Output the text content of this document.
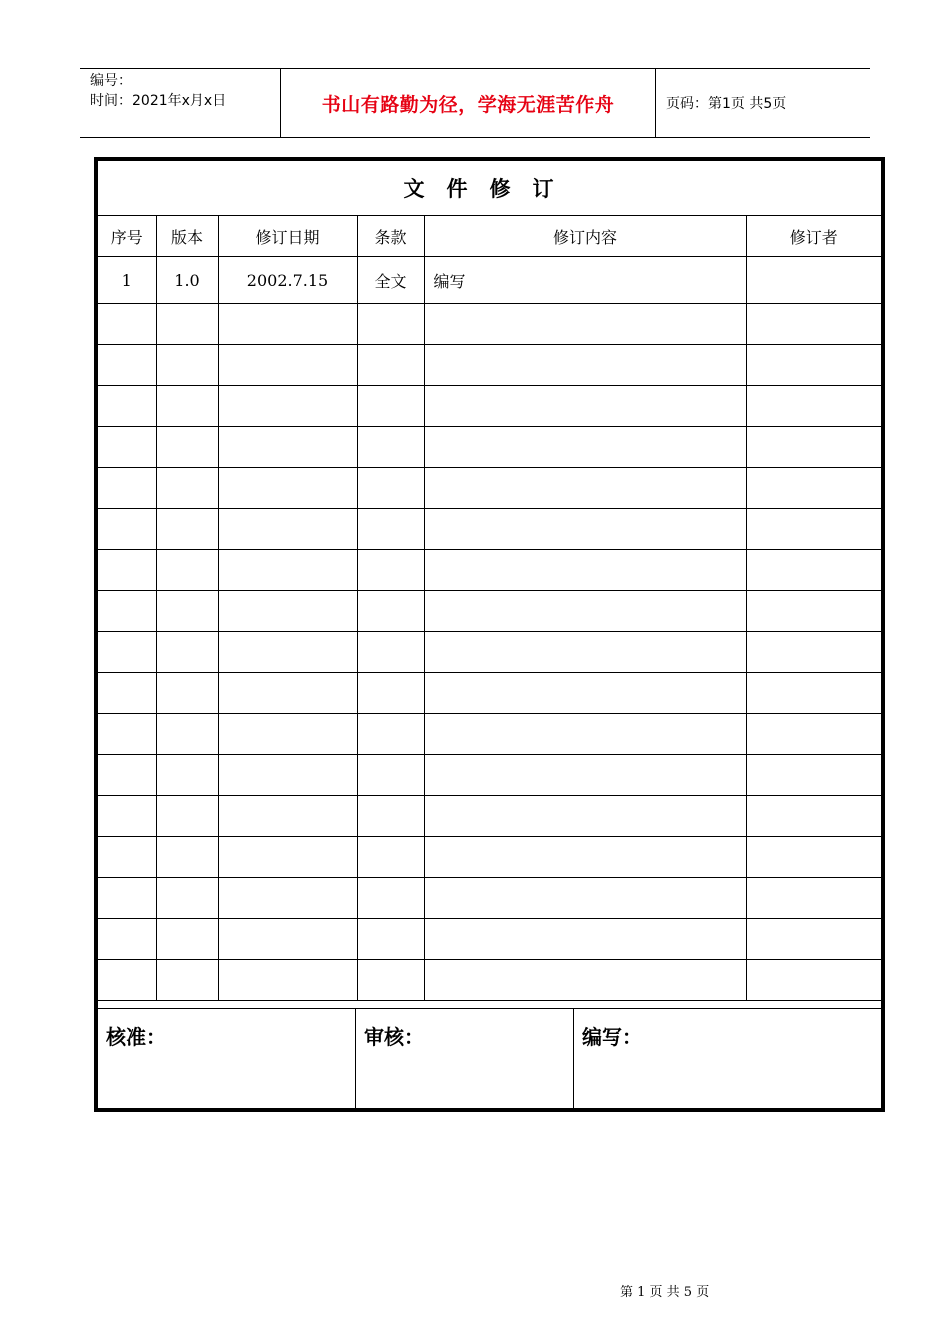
编号：
时间：2021年x月x日	书山有路勤为径，学海无涯苦作舟	页码：第1页 共5页
文件修订					
序号	版本	修订日期	条款	修订内容	修订者
1	1.0	2002.7.15	全文	编写	

核准：	审核：	编写：
第 1 页 共 5 页
